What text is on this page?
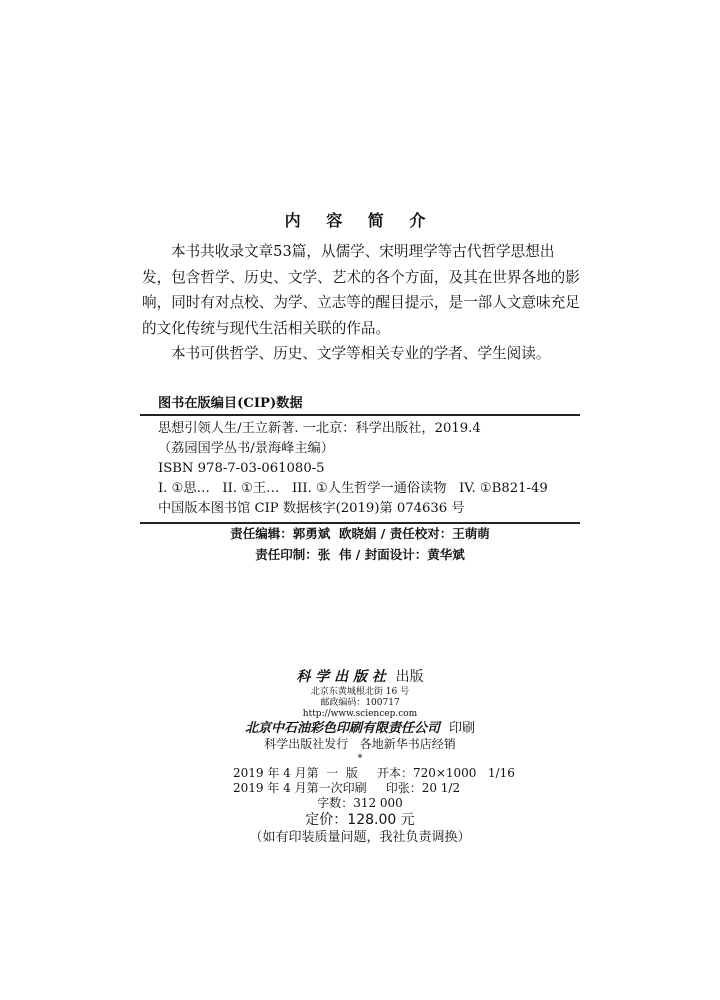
内 容 简 介

本书共收录文章53篇，从儒学、宋明理学等古代哲学思想出发，包含哲学、历史、文学、艺术的各个方面，及其在世界各地的影响，同时有对点校、为学、立志等的醒目提示，是一部人文意味充足的文化传统与现代生活相关联的作品。

本书可供哲学、历史、文学等相关专业的学者、学生阅读。

图书在版编目(CIP)数据
思想引领人生/王立新著. 一北京：科学出版社，2019.4
（荔园国学丛书/景海峰主编）
ISBN 978-7-03-061080-5
I. ①思…   II. ①王…   III. ①人生哲学一通俗读物   IV. ①B821-49
中国版本图书馆 CIP 数据核字(2019)第 074636 号
责任编辑：郭勇斌  欧晓娟 / 责任校对：王萌萌
责任印制：张  伟 / 封面设计：黄华斌
科 学 出 版 社 出版
北京东黄城根北街 16 号
邮政编码：100717
http://www.sciencep.com
北京中石油彩色印刷有限责任公司 印刷
科学出版社发行   各地新华书店经销
*
2019 年 4 月第  一  版     开本：720×1000   1/16
2019 年 4 月第一次印刷     印张：20 1/2
字数：312 000
定价：128.00 元
（如有印装质量问题，我社负责调换）
